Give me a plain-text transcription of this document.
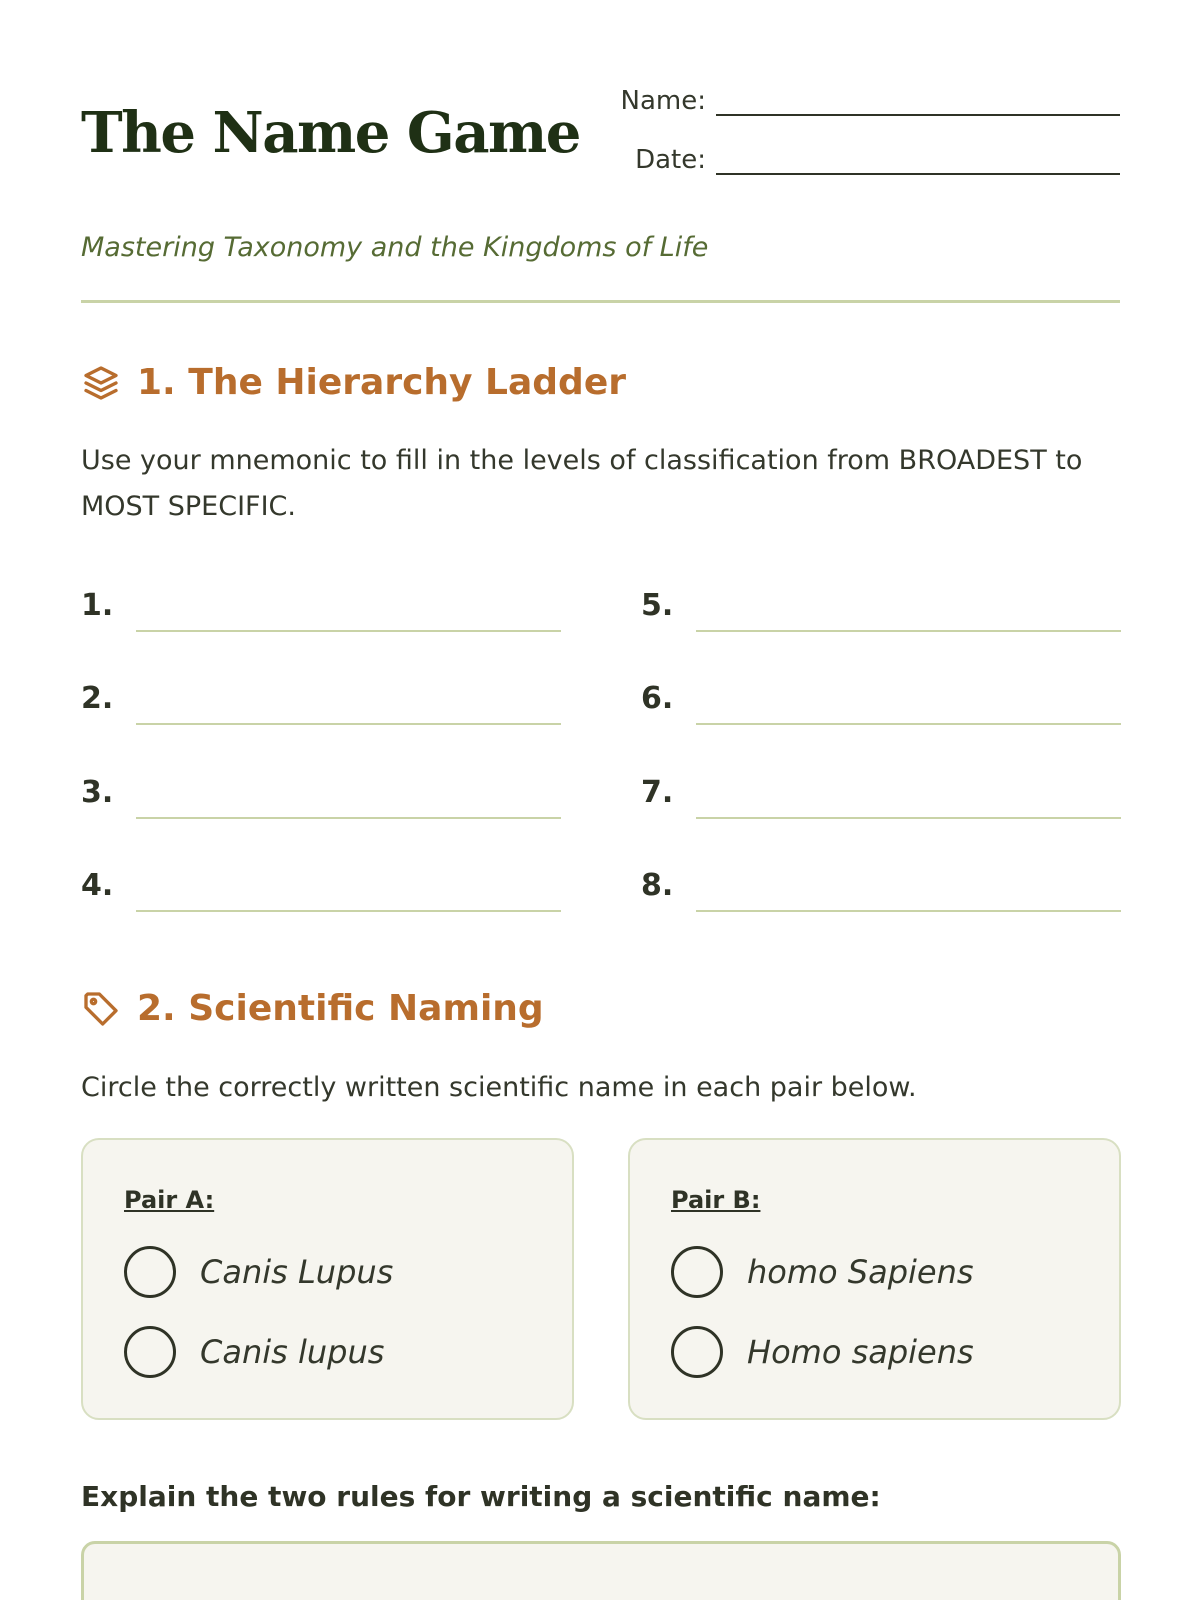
The Name Game Name:
Date:
Mastering Taxonomy and the Kingdoms of Life
1. The Hierarchy Ladder
Use your mnemonic to fill in the levels of classification from BROADEST to MOST SPECIFIC.
1.
2.
3.
4.
5.
6.
7.
8.
2. Scientific Naming
Circle the correctly written scientific name in each pair below.
Pair A:
Canis Lupus
Canis lupus
Pair B:
homo Sapiens
Homo sapiens
Explain the two rules for writing a scientific name:
